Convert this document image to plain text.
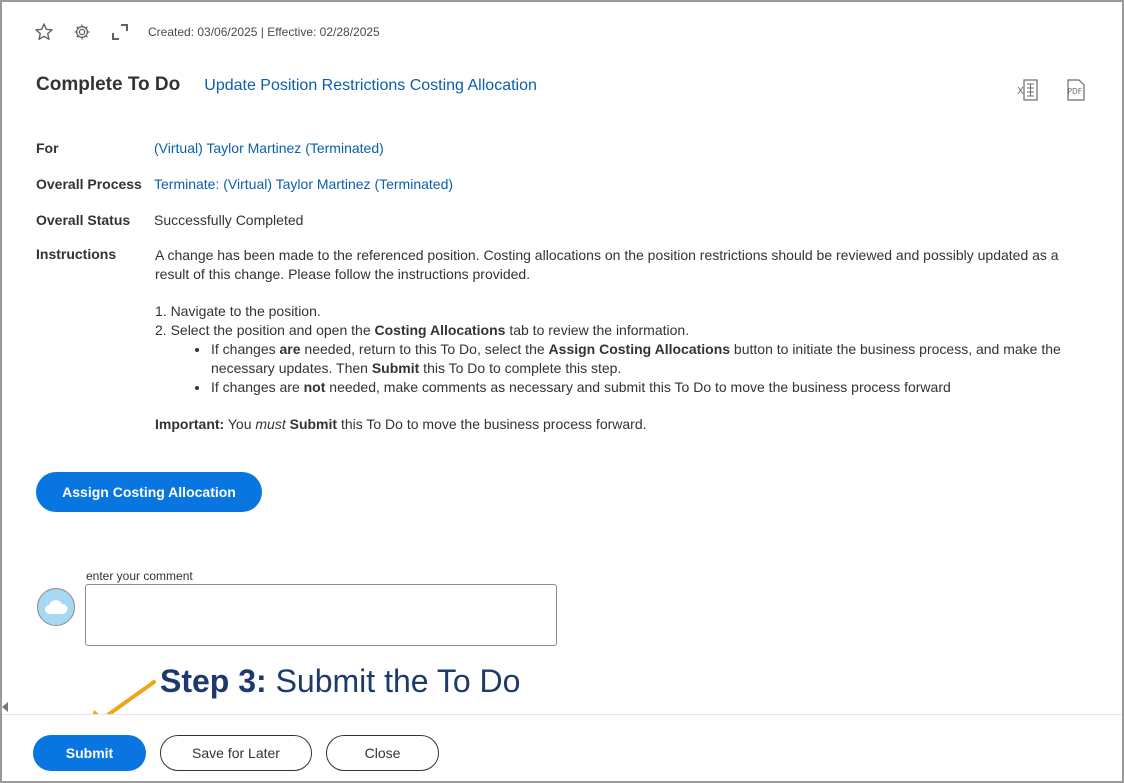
Created: 03/06/2025 | Effective: 02/28/2025
Complete To Do Update Position Restrictions Costing Allocation	X	PDF
For	(Virtual) Taylor Martinez (Terminated)
Overall Process Terminate: (Virtual) Taylor Martinez (Terminated)
Overall Status	Successfully Completed
Instructions	A change has been made to the referenced position. Costing allocations on the position restrictions should be reviewed and possibly updated as a result of this change. Please follow the instructions provided.

1. Navigate to the position.
2. Select the position and open the Costing Allocations tab to review the information.
• If changes are needed, return to this To Do, select the Assign Costing Allocations button to initiate the business process, and make the necessary updates. Then Submit this To Do to complete this step.
• If changes are not needed, make comments as necessary and submit this To Do to move the business process forward

Important: You must Submit this To Do to move the business process forward.

Assign Costing Allocation
enter your comment
Step 3: Submit the To Do
Submit	Save for Later	Close
